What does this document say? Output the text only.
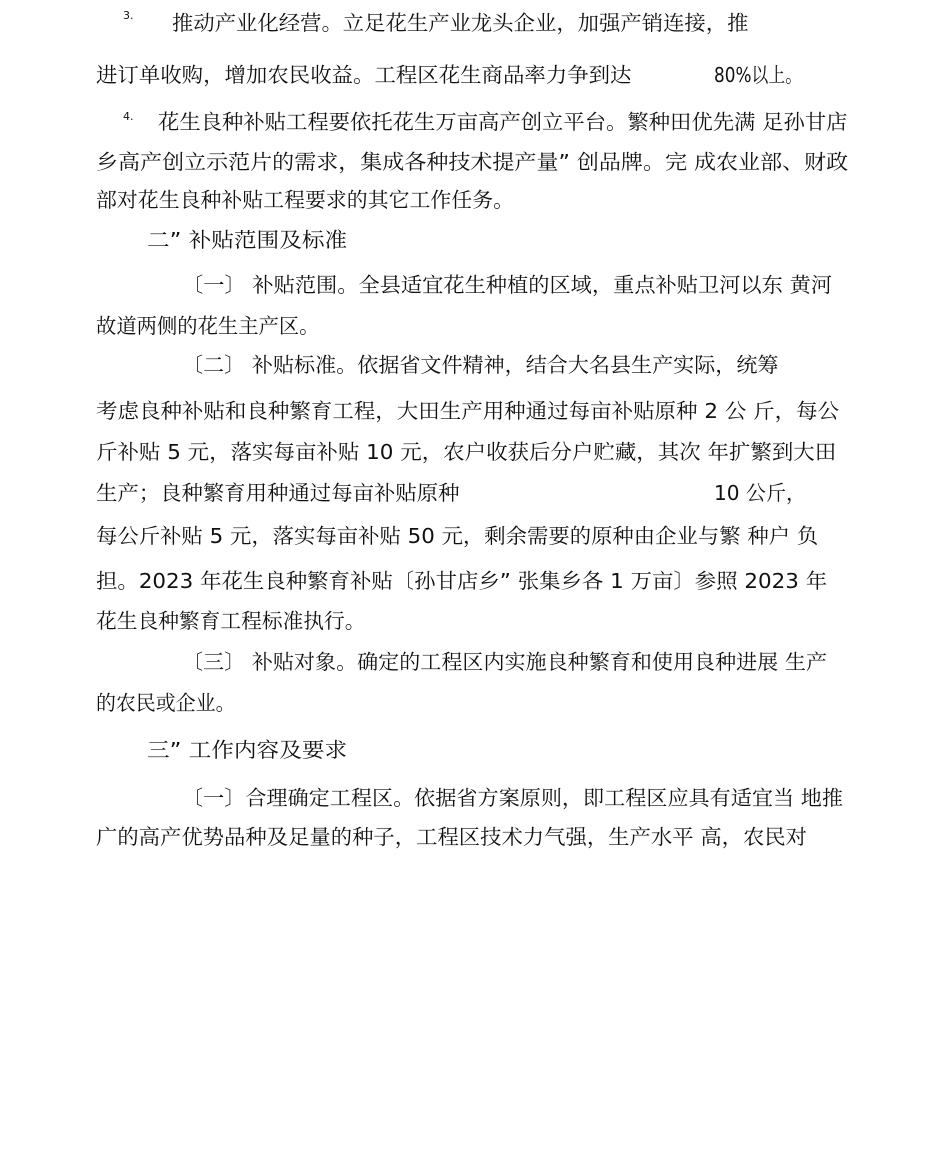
3. 推动产业化经营。立足花生产业龙头企业，加强产销连接，推
进订单收购，增加农民收益。工程区花生商品率力争到达	80%以上。
4. 花生良种补贴工程要依托花生万亩高产创立平台。繁种田优先满 足孙甘店
乡高产创立示范片的需求，集成各种技术提产量” 创品牌。完 成农业部、财政
部对花生良种补贴工程要求的其它工作任务。
二” 补贴范围及标准
〔一〕 补贴范围。全县适宜花生种植的区域，重点补贴卫河以东 黄河
故道两侧的花生主产区。
〔二〕 补贴标准。依据省文件精神，结合大名县生产实际，统筹
考虑良种补贴和良种繁育工程，大田生产用种通过每亩补贴原种 2 公 斤，每公
斤补贴 5 元，落实每亩补贴 10 元，农户收获后分户贮藏，其次 年扩繁到大田
生产；良种繁育用种通过每亩补贴原种	10 公斤，
每公斤补贴 5 元，落实每亩补贴 50 元，剩余需要的原种由企业与繁 种户 负
担。2023 年花生良种繁育补贴〔孙甘店乡” 张集乡各 1 万亩〕参照 2023 年
花生良种繁育工程标准执行。
〔三〕 补贴对象。确定的工程区内实施良种繁育和使用良种进展 生产
的农民或企业。
三” 工作内容及要求
〔一〕合理确定工程区。依据省方案原则，即工程区应具有适宜当 地推
广的高产优势品种及足量的种子，工程区技术力气强，生产水平 高，农民对
